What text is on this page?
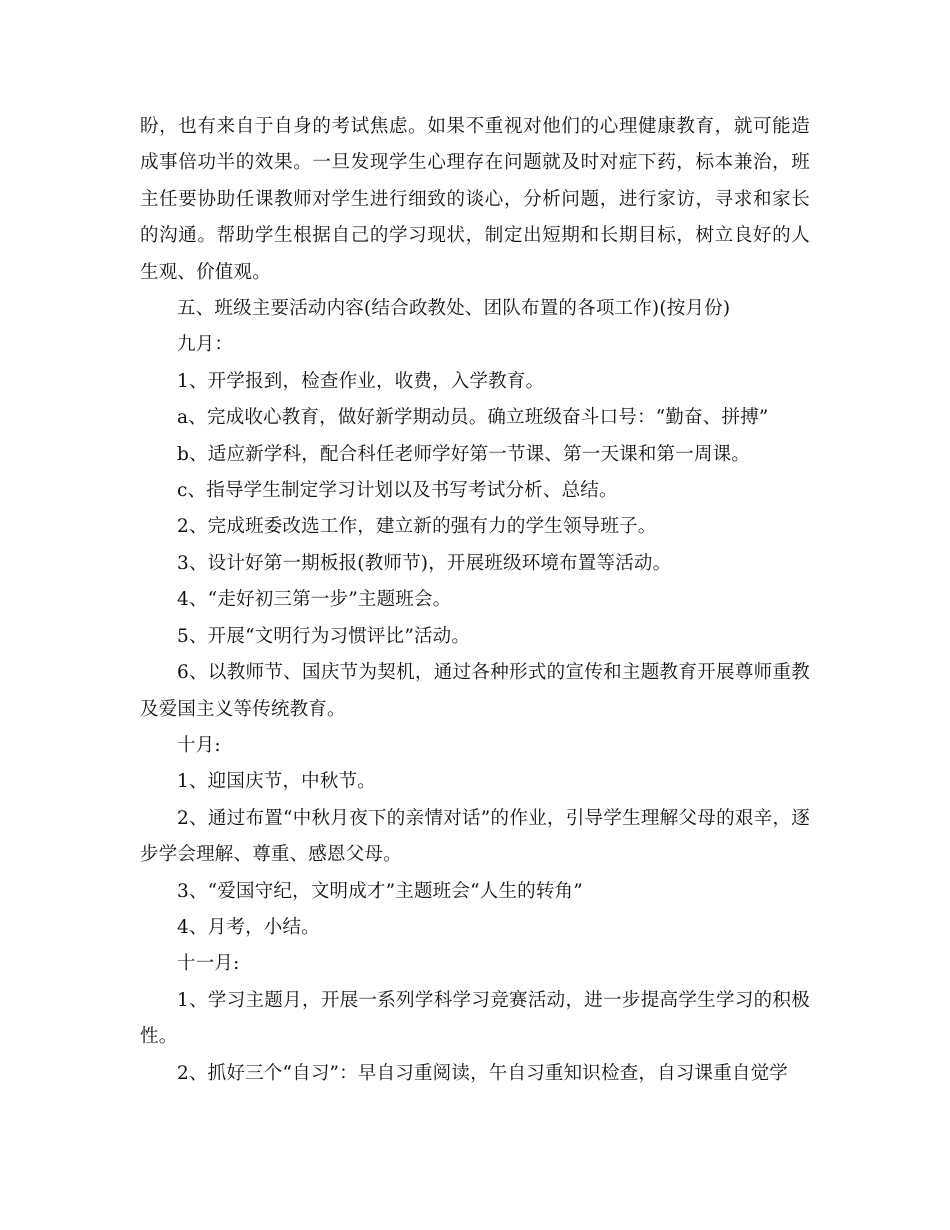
盼，也有来自于自身的考试焦虑。如果不重视对他们的心理健康教育，就可能造成事倍功半的效果。一旦发现学生心理存在问题就及时对症下药，标本兼治，班主任要协助任课教师对学生进行细致的谈心，分析问题，进行家访，寻求和家长的沟通。帮助学生根据自己的学习现状，制定出短期和长期目标，树立良好的人生观、价值观。

五、班级主要活动内容(结合政教处、团队布置的各项工作)(按月份)

九月：

1、开学报到，检查作业，收费，入学教育。

a、完成收心教育，做好新学期动员。确立班级奋斗口号：“勤奋、拼搏”

b、适应新学科，配合科任老师学好第一节课、第一天课和第一周课。

c、指导学生制定学习计划以及书写考试分析、总结。

2、完成班委改选工作，建立新的强有力的学生领导班子。

3、设计好第一期板报(教师节)，开展班级环境布置等活动。

4、“走好初三第一步”主题班会。

5、开展“文明行为习惯评比”活动。

6、以教师节、国庆节为契机，通过各种形式的宣传和主题教育开展尊师重教及爱国主义等传统教育。

十月:

1、迎国庆节，中秋节。

2、通过布置“中秋月夜下的亲情对话”的作业，引导学生理解父母的艰辛，逐步学会理解、尊重、感恩父母。

3、“爱国守纪，文明成才”主题班会“人生的转角”

4、月考，小结。

十一月:

1、学习主题月，开展一系列学科学习竞赛活动，进一步提高学生学习的积极性。

2、抓好三个“自习”：早自习重阅读，午自习重知识检查，自习课重自觉学
